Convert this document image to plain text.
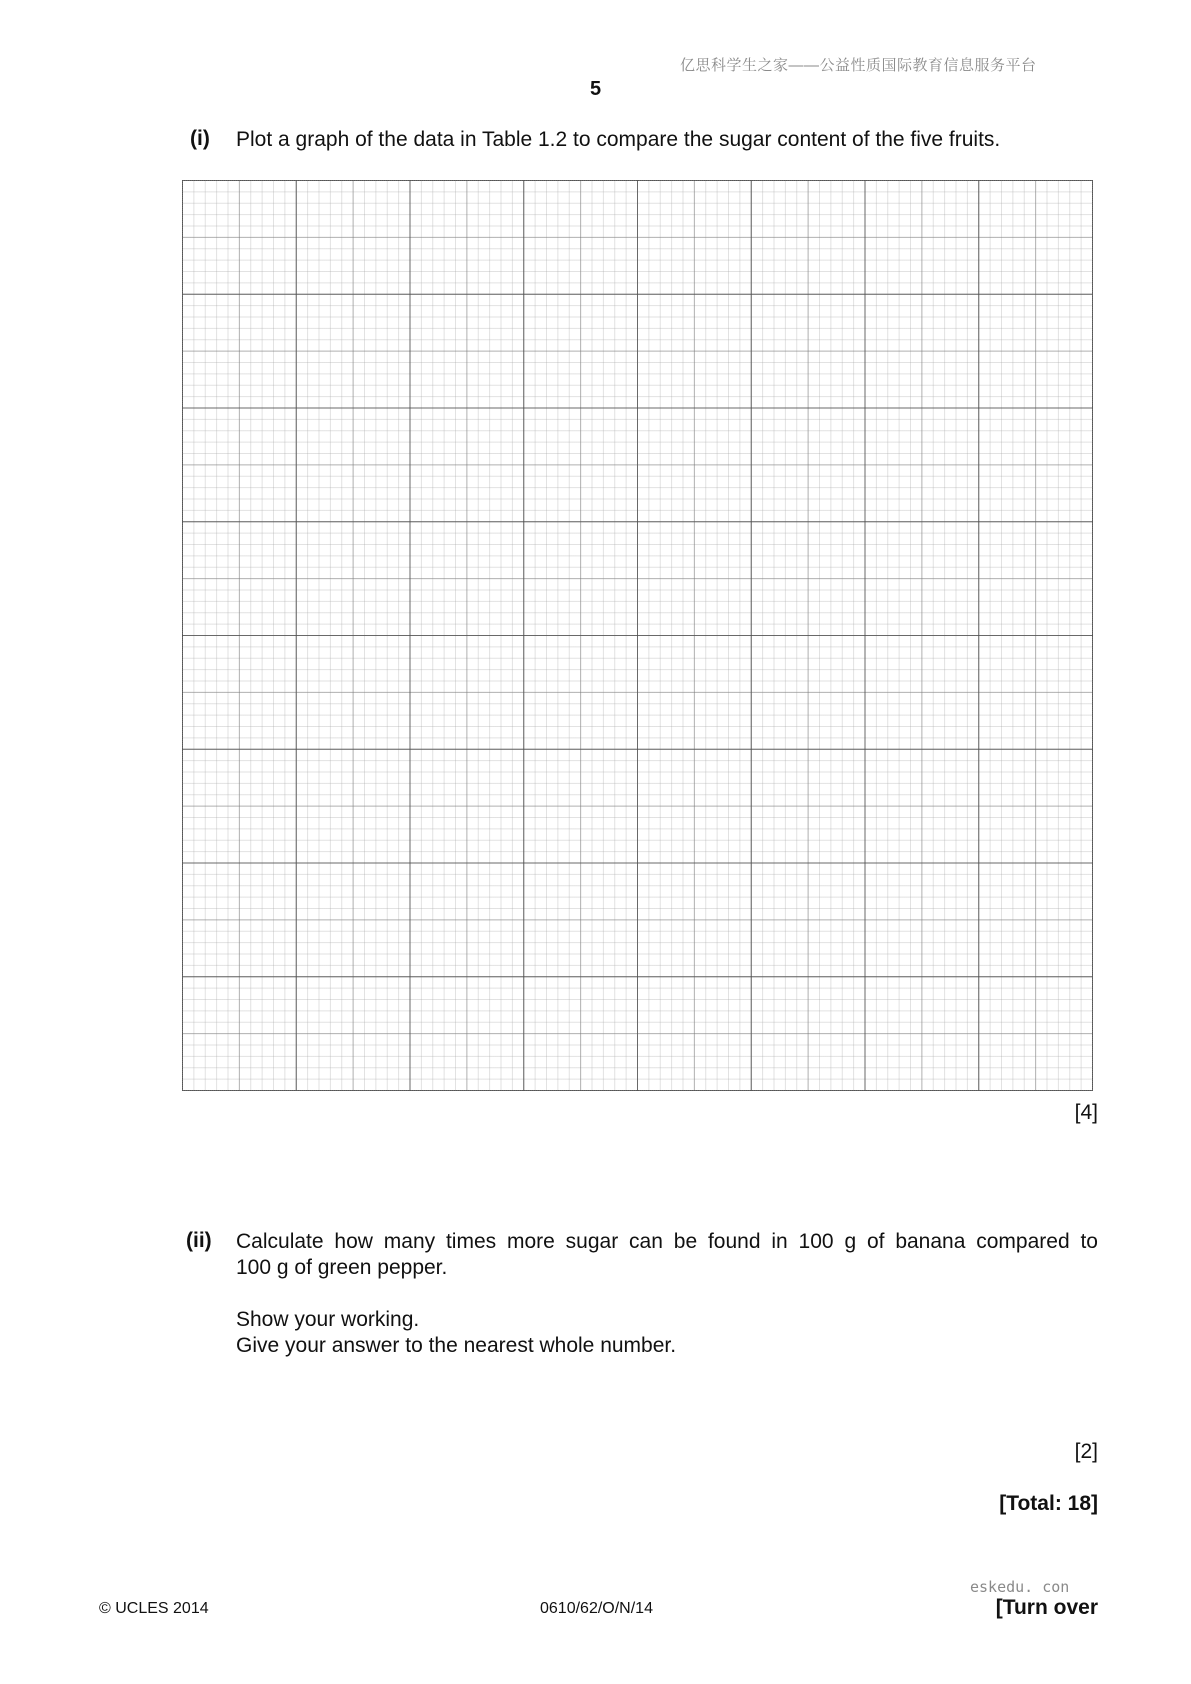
亿思科学生之家——公益性质国际教育信息服务平台
5
(i) Plot a graph of the data in Table 1.2 to compare the sugar content of the five fruits.
[4]
(ii) Calculate how many times more sugar can be found in 100 g of banana compared to
100 g of green pepper.
Show your working.
Give your answer to the nearest whole number.
[2]
[Total: 18]
eskedu. con
© UCLES 2014	0610/62/O/N/14	[Turn over
